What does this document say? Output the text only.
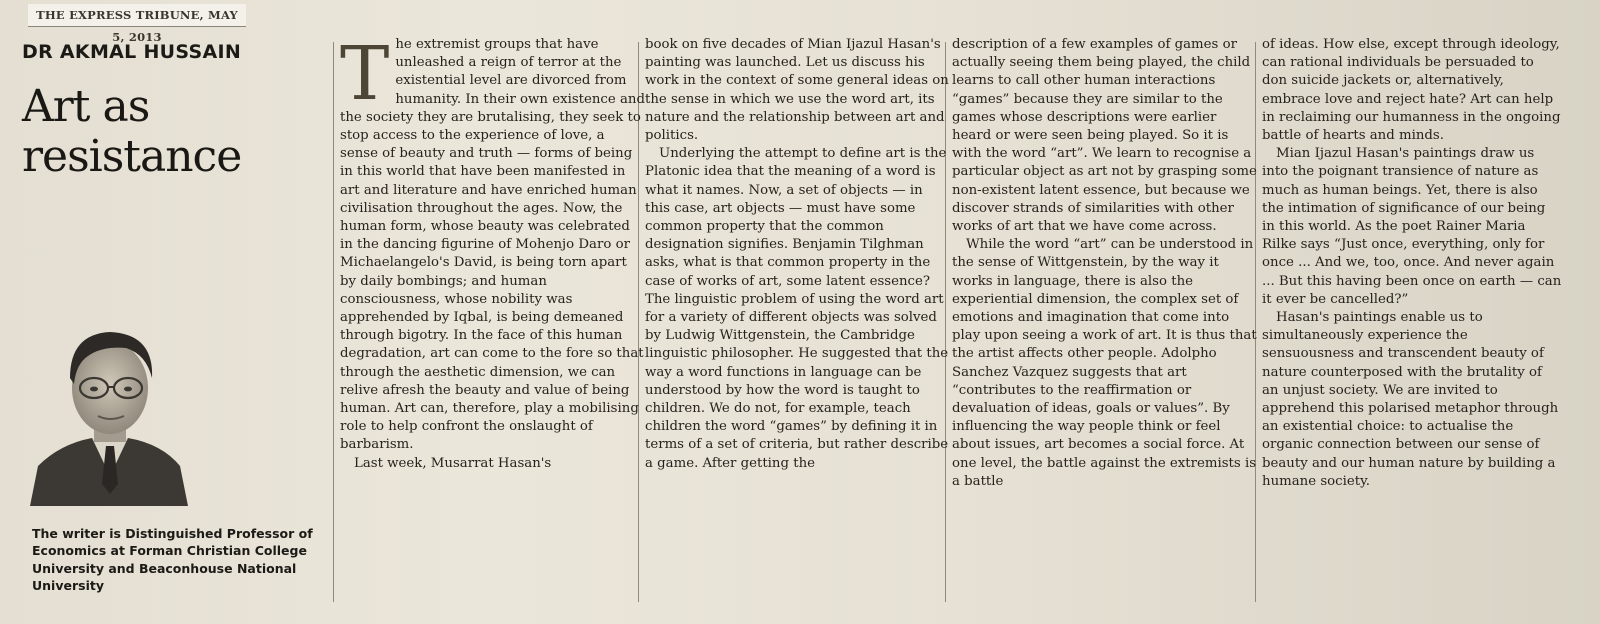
THE EXPRESS TRIBUNE, MAY 5, 2013
DR AKMAL HUSSAIN
Art as resistance
The writer is Distinguished Professor of Economics at Forman Christian College University and Beaconhouse National University

The extremist groups that have unleashed a reign of terror at the existential level are divorced from humanity. In their own existence and the society they are brutalising, they seek to stop access to the experience of love, a sense of beauty and truth — forms of being in this world that have been manifested in art and literature and have enriched human civilisation throughout the ages. Now, the human form, whose beauty was celebrated in the dancing figurine of Mohenjo Daro or Michaelangelo's David, is being torn apart by daily bombings; and human consciousness, whose nobility was apprehended by Iqbal, is being demeaned through bigotry. In the face of this human degradation, art can come to the fore so that through the aesthetic dimension, we can relive afresh the beauty and value of being human. Art can, therefore, play a mobilising role to help confront the onslaught of barbarism.

Last week, Musarrat Hasan's

book on five decades of Mian Ijazul Hasan's painting was launched. Let us discuss his work in the context of some general ideas on the sense in which we use the word art, its nature and the relationship between art and politics.

Underlying the attempt to define art is the Platonic idea that the meaning of a word is what it names. Now, a set of objects — in this case, art objects — must have some common property that the common designation signifies. Benjamin Tilghman asks, what is that common property in the case of works of art, some latent essence? The linguistic problem of using the word art for a variety of different objects was solved by Ludwig Wittgenstein, the Cambridge linguistic philosopher. He suggested that the way a word functions in language can be understood by how the word is taught to children. We do not, for example, teach children the word “games” by defining it in terms of a set of criteria, but rather describe a game. After getting the

description of a few examples of games or actually seeing them being played, the child learns to call other human interactions “games” because they are similar to the games whose descriptions were earlier heard or were seen being played. So it is with the word “art”. We learn to recognise a particular object as art not by grasping some non-existent latent essence, but because we discover strands of similarities with other works of art that we have come across.

While the word “art” can be understood in the sense of Wittgenstein, by the way it works in language, there is also the experiential dimension, the complex set of emotions and imagination that come into play upon seeing a work of art. It is thus that the artist affects other people. Adolpho Sanchez Vazquez suggests that art “contributes to the reaffirmation or devaluation of ideas, goals or values”. By influencing the way people think or feel about issues, art becomes a social force. At one level, the battle against the extremists is a battle

of ideas. How else, except through ideology, can rational individuals be persuaded to don suicide jackets or, alternatively, embrace love and reject hate? Art can help in reclaiming our humanness in the ongoing battle of hearts and minds.

Mian Ijazul Hasan's paintings draw us into the poignant transience of nature as much as human beings. Yet, there is also the intimation of significance of our being in this world. As the poet Rainer Maria Rilke says “Just once, everything, only for once ... And we, too, once. And never again ... But this having been once on earth — can it ever be cancelled?”

Hasan's paintings enable us to simultaneously experience the sensuousness and transcendent beauty of nature counterposed with the brutality of an unjust society. We are invited to apprehend this polarised metaphor through an existential choice: to actualise the organic connection between our sense of beauty and our human nature by building a humane society.
